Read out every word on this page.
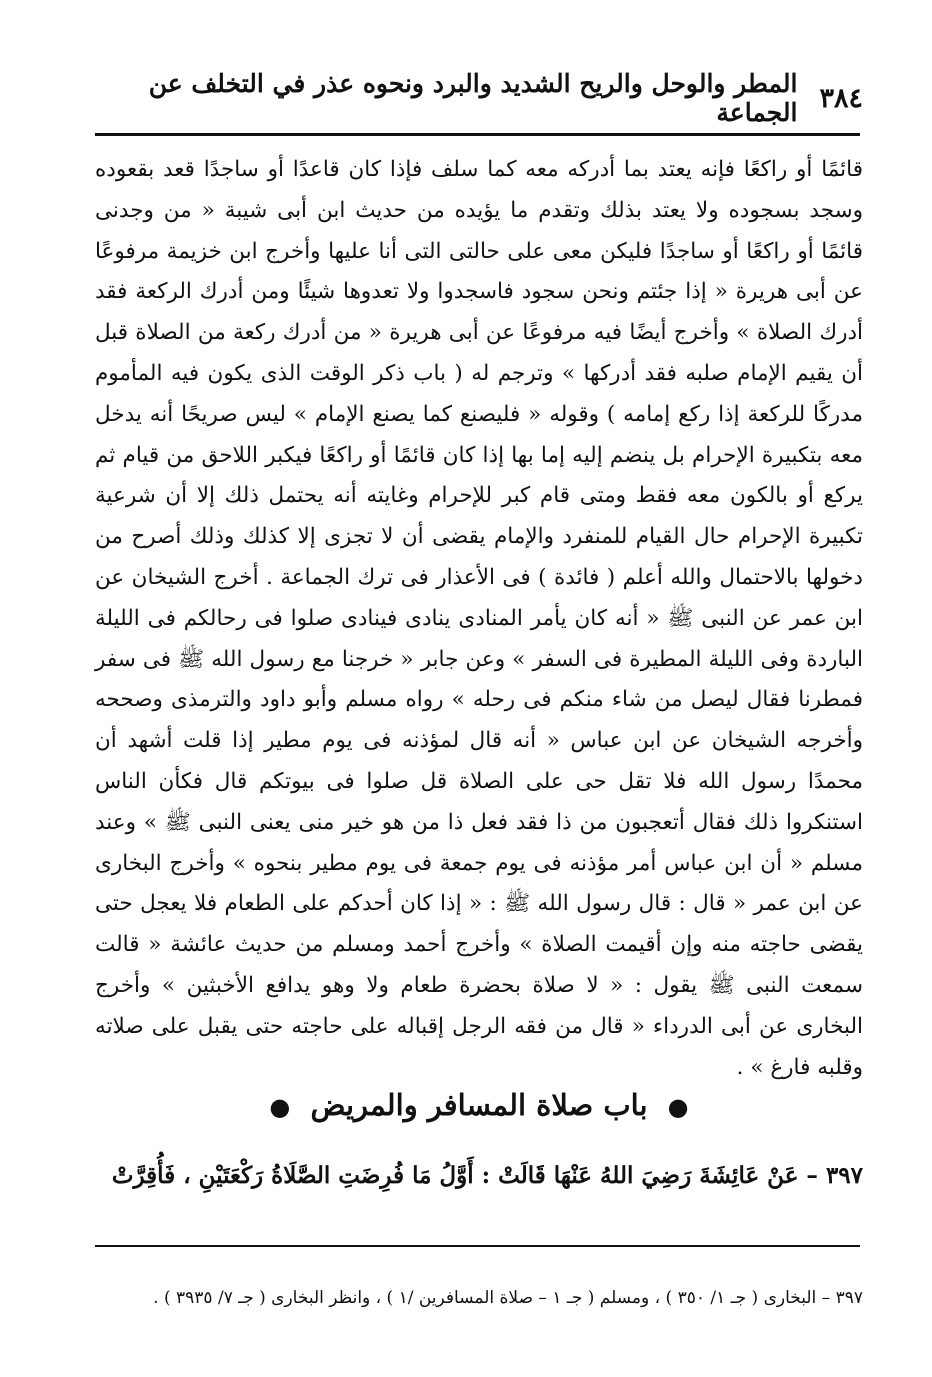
٣٨٤
المطر والوحل والريح الشديد والبرد ونحوه عذر في التخلف عن الجماعة

قائمًا أو راكعًا فإنه يعتد بما أدركه معه كما سلف فإذا كان قاعدًا أو ساجدًا قعد بقعوده وسجد بسجوده ولا يعتد بذلك وتقدم ما يؤيده من حديث ابن أبى شيبة « من وجدنى قائمًا أو راكعًا أو ساجدًا فليكن معى على حالتى التى أنا عليها وأخرج ابن خزيمة مرفوعًا عن أبى هريرة « إذا جئتم ونحن سجود فاسجدوا ولا تعدوها شيئًا ومن أدرك الركعة فقد أدرك الصلاة » وأخرج أيضًا فيه مرفوعًا عن أبى هريرة « من أدرك ركعة من الصلاة قبل أن يقيم الإمام صلبه فقد أدركها » وترجم له ( باب ذكر الوقت الذى يكون فيه المأموم مدركًا للركعة إذا ركع إمامه ) وقوله « فليصنع كما يصنع الإمام » ليس صريحًا أنه يدخل معه بتكبيرة الإحرام بل ينضم إليه إما بها إذا كان قائمًا أو راكعًا فيكبر اللاحق من قيام ثم يركع أو بالكون معه فقط ومتى قام كبر للإحرام وغايته أنه يحتمل ذلك إلا أن شرعية تكبيرة الإحرام حال القيام للمنفرد والإمام يقضى أن لا تجزى إلا كذلك وذلك أصرح من دخولها بالاحتمال والله أعلم ( فائدة ) فى الأعذار فى ترك الجماعة . أخرج الشيخان عن ابن عمر عن النبى ﷺ « أنه كان يأمر المنادى ينادى فينادى صلوا فى رحالكم فى الليلة الباردة وفى الليلة المطيرة فى السفر » وعن جابر « خرجنا مع رسول الله ﷺ فى سفر فمطرنا فقال ليصل من شاء منكم فى رحله » رواه مسلم وأبو داود والترمذى وصححه وأخرجه الشيخان عن ابن عباس « أنه قال لمؤذنه فى يوم مطير إذا قلت أشهد أن محمدًا رسول الله فلا تقل حى على الصلاة قل صلوا فى بيوتكم قال فكأن الناس استنكروا ذلك فقال أتعجبون من ذا فقد فعل ذا من هو خير منى يعنى النبى ﷺ » وعند مسلم « أن ابن عباس أمر مؤذنه فى يوم جمعة فى يوم مطير بنحوه » وأخرج البخارى عن ابن عمر « قال : قال رسول الله ﷺ : « إذا كان أحدكم على الطعام فلا يعجل حتى يقضى حاجته منه وإن أقيمت الصلاة » وأخرج أحمد ومسلم من حديث عائشة « قالت سمعت النبى ﷺ يقول : « لا صلاة بحضرة طعام ولا وهو يدافع الأخبثين » وأخرج البخارى عن أبى الدرداء « قال من فقه الرجل إقباله على حاجته حتى يقبل على صلاته وقلبه فارغ » .

● باب صلاة المسافر والمريض ●
٣٩٧ – عَنْ عَائِشَةَ رَضِيَ اللهُ عَنْهَا قَالَتْ : أَوَّلُ مَا فُرِضَتِ الصَّلَاةُ رَكْعَتَيْنِ ، فَأُقِرَّتْ
٣٩٧ – البخارى ( جـ ١/ ٣٥٠ ) ، ومسلم ( جـ ١ – صلاة المسافرين /١ ) ، وانظر البخارى ( جـ ٧/ ٣٩٣٥ ) .
